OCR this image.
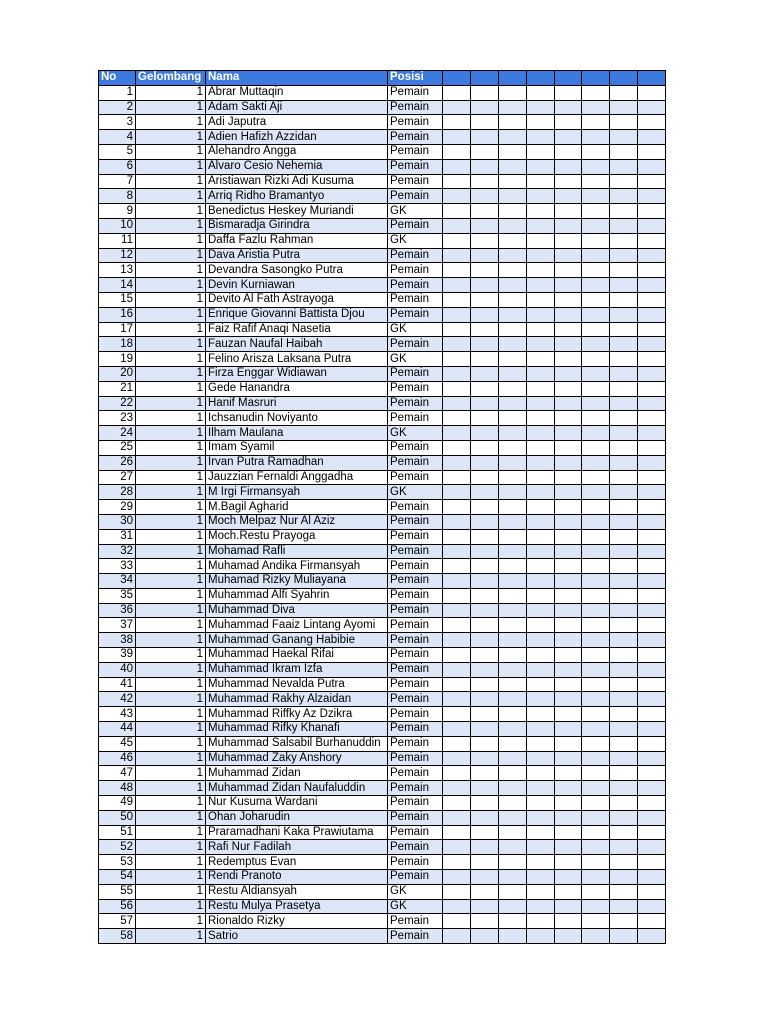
No	Gelombang	Nama	Posisi								
1	1	Abrar Muttaqin	Pemain								
2	1	Adam Sakti Aji	Pemain								
3	1	Adi Japutra	Pemain								
4	1	Adien Hafizh Azzidan	Pemain								
5	1	Alehandro Angga	Pemain								
6	1	Alvaro Cesio Nehemia	Pemain								
7	1	Aristiawan Rizki Adi Kusuma	Pemain								
8	1	Arriq Ridho Bramantyo	Pemain								
9	1	Benedictus Heskey Muriandi	GK								
10	1	Bismaradja Girindra	Pemain								
11	1	Daffa Fazlu Rahman	GK								
12	1	Dava Aristia Putra	Pemain								
13	1	Devandra Sasongko Putra	Pemain								
14	1	Devin Kurniawan	Pemain								
15	1	Devito Al Fath Astrayoga	Pemain								
16	1	Enrique Giovanni Battista Djou	Pemain								
17	1	Faiz Rafif Anaqi Nasetia	GK								
18	1	Fauzan Naufal Haibah	Pemain								
19	1	Felino Arisza Laksana Putra	GK								
20	1	Firza Enggar Widiawan	Pemain								
21	1	Gede Hanandra	Pemain								
22	1	Hanif Masruri	Pemain								
23	1	Ichsanudin Noviyanto	Pemain								
24	1	Ilham Maulana	GK								
25	1	Imam Syamil	Pemain								
26	1	Irvan Putra Ramadhan	Pemain								
27	1	Jauzzian Fernaldi Anggadha	Pemain								
28	1	M Irgi Firmansyah	GK								
29	1	M.Bagil Agharid	Pemain								
30	1	Moch Melpaz Nur Al Aziz	Pemain								
31	1	Moch.Restu Prayoga	Pemain								
32	1	Mohamad Rafli	Pemain								
33	1	Muhamad Andika Firmansyah	Pemain								
34	1	Muhamad Rizky Muliayana	Pemain								
35	1	Muhammad Alfi Syahrin	Pemain								
36	1	Muhammad Diva	Pemain								
37	1	Muhammad Faaiz Lintang Ayomi	Pemain								
38	1	Muhammad Ganang Habibie	Pemain								
39	1	Muhammad Haekal Rifai	Pemain								
40	1	Muhammad Ikram Izfa	Pemain								
41	1	Muhammad Nevalda Putra	Pemain								
42	1	Muhammad Rakhy Alzaidan	Pemain								
43	1	Muhammad Riffky Az Dzikra	Pemain								
44	1	Muhammad Rifky Khanafi	Pemain								
45	1	Muhammad Salsabil Burhanuddin	Pemain								
46	1	Muhammad Zaky Anshory	Pemain								
47	1	Muhammad Zidan	Pemain								
48	1	Muhammad Zidan Naufaluddin	Pemain								
49	1	Nur Kusuma Wardani	Pemain								
50	1	Ohan Joharudin	Pemain								
51	1	Praramadhani Kaka Prawiutama	Pemain								
52	1	Rafi Nur Fadilah	Pemain								
53	1	Redemptus Evan	Pemain								
54	1	Rendi Pranoto	Pemain								
55	1	Restu Aldiansyah	GK								
56	1	Restu Mulya Prasetya	GK								
57	1	Rionaldo Rizky	Pemain								
58	1	Satrio	Pemain								
